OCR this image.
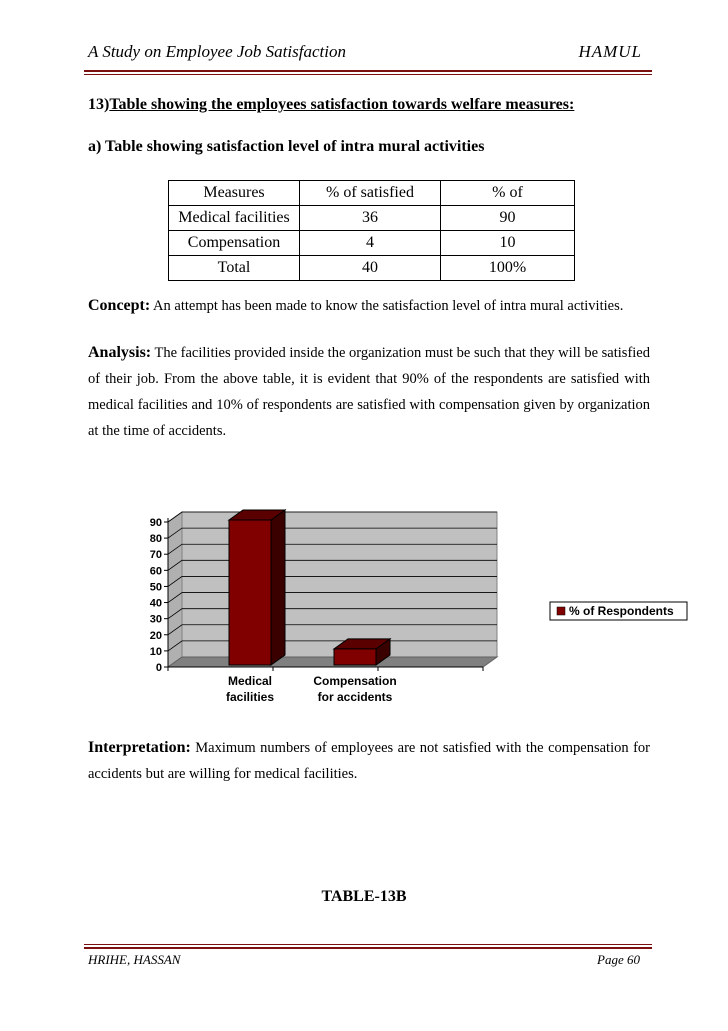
A Study on Employee Job Satisfaction	HAMUL
13)Table showing the employees satisfaction towards welfare measures:
a) Table showing satisfaction level of intra mural activities
Measures	% of satisfied	% of
Medical facilities	36	90
Compensation	4	10
Total	40	100%
Concept: An attempt has been made to know the satisfaction level of intra mural activities.
Analysis: The facilities provided inside the organization must be such that they will be satisfied of their job. From the above table, it is evident that 90% of the respondents are satisfied with medical facilities and 10% of respondents are satisfied with compensation given by organization at the time of accidents.
0
10
20
30
40
50
60
70
80
90
Medical
facilities
Compensation
for accidents
% of Respondents
Interpretation: Maximum numbers of employees are not satisfied with the compensation for accidents but are willing for medical facilities.
TABLE-13B
HRIHE, HASSAN	Page 60
